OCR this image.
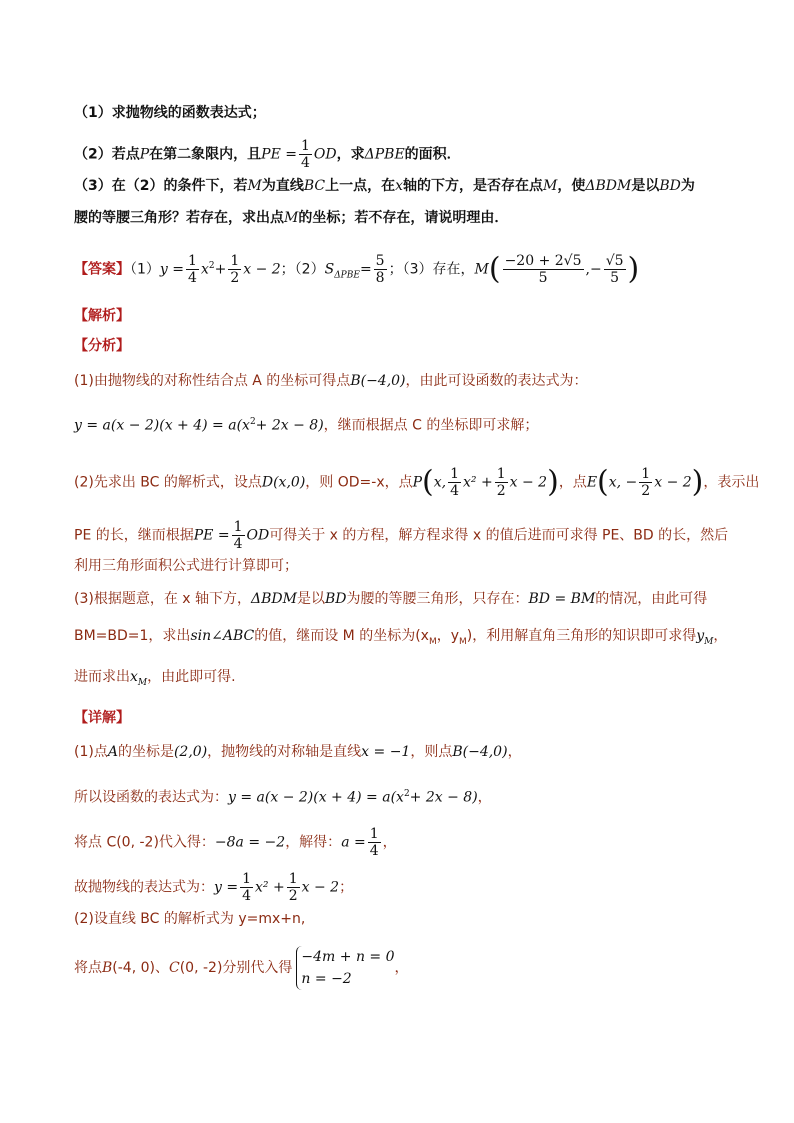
（1）求抛物线的函数表达式；
（2）若点P在第二象限内，且PE = $\frac{1}{4}$ OD，求ΔPBE的面积．
（3）在（2）的条件下，若M为直线BC上一点，在x轴的下方，是否存在点M，使ΔBDM是以BD为
腰的等腰三角形？若存在，求出点M的坐标；若不存在，请说明理由．
【答案】$(1)y = \frac{1}{4} x^2+ \frac{1}{2}$ x − 2；$(2)S_{\Delta PBE}= \frac{5}{8}$ ；（3）存在，$M( \frac{-20 + 2√5}{5}$ ,− $\frac{√5}{5}$ )
【解析】
【分析】
(1)由抛物线的对称性结合点 A 的坐标可得点B(−4,0)，由此可设函数的表达式为：
$y = a(x - 2)(x + 4) = a(x^2+ 2x - 8)$，继而根据点 C 的坐标即可求解；
(2)先求出 BC 的解析式，设点D(x,0)，则 OD=-x，点P(x, $\frac{1}{4} x^2 + \frac{1}{2}$ x − 2)，点E(x, − $\frac{1}{2}$ x − 2)，表示出
PE 的长，继而根据PE = $\frac{1}{4}$ OD可得关于 x 的方程，解方程求得 x 的值后进而可求得 PE、BD 的长，然后
利用三角形面积公式进行计算即可；
(3)根据题意，在 x 轴下方，ΔBDM是以BD为腰的等腰三角形，只存在：BD = BM的情况，由此可得
BM=BD=1，求出sin∠ABC的值，继而设 M 的坐标为($x_M$，$y_M$)，利用解直角三角形的知识即可求得$y_M$，
进而求出$x_M$，由此即可得.
【详解】
(1)点A的坐标是(2,0)，抛物线的对称轴是直线x = −1，则点B(−4,0)，
所以设函数的表达式为：$y = a(x - 2)(x + 4) = a(x^2+ 2x - 8)$，
将点 C(0, -2)代入得：−8a = −2，解得：$a = \frac{1}{4}$ ，
故抛物线的表达式为：$y = \frac{1}{4} x^2 + \frac{1}{2}$ x − 2；
(2)设直线 BC 的解析式为 y=mx+n,
将点B(-4, 0)、C(0, -2)分别代入得
−4m + n = 0
n = −2
，
